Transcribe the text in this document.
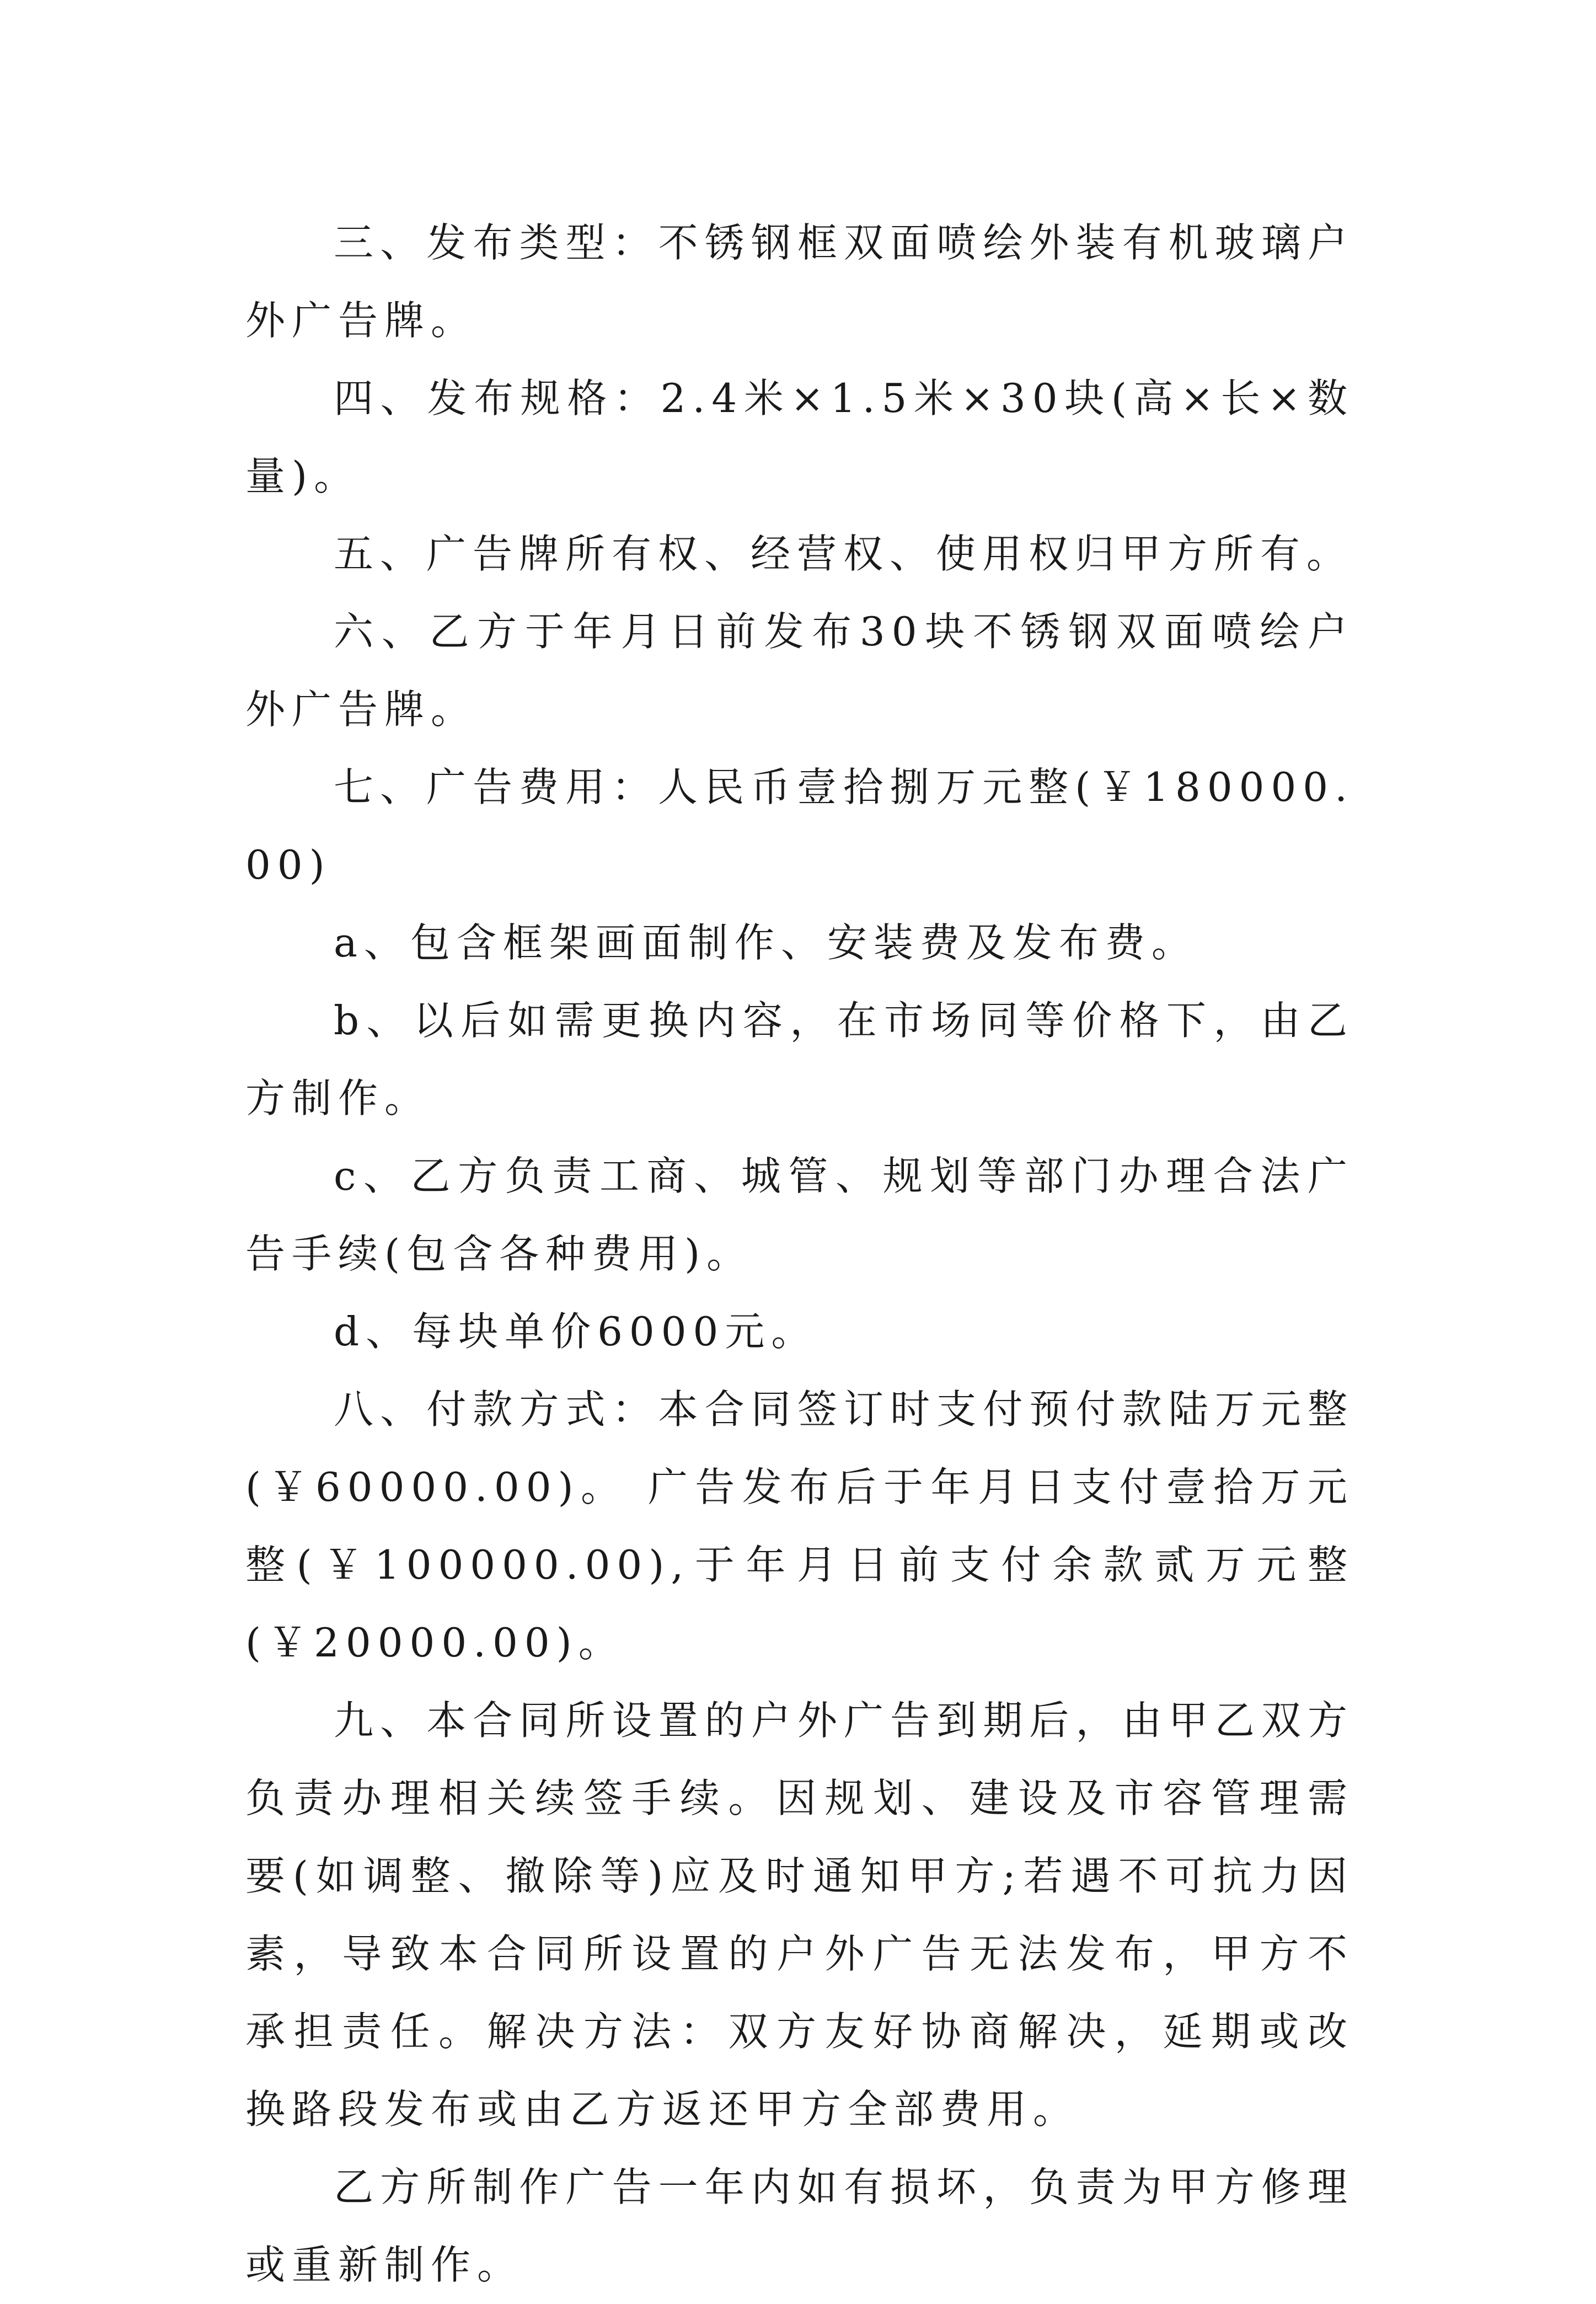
三、发布类型：不锈钢框双面喷绘外装有机玻璃户外广告牌。

四、发布规格：2.4米×1.5米×30块(高×长×数量)。

五、广告牌所有权、经营权、使用权归甲方所有。

六、乙方于年月日前发布30块不锈钢双面喷绘户外广告牌。

七、广告费用：人民币壹拾捌万元整(￥180000.00)

a、包含框架画面制作、安装费及发布费。

b、以后如需更换内容，在市场同等价格下，由乙方制作。

c、乙方负责工商、城管、规划等部门办理合法广告手续(包含各种费用)。

d、每块单价6000元。

八、付款方式：本合同签订时支付预付款陆万元整(￥60000.00)。 广告发布后于年月日支付壹拾万元整(￥100000.00),于年月日前支付余款贰万元整(￥20000.00)。

九、本合同所设置的户外广告到期后，由甲乙双方负责办理相关续签手续。因规划、建设及市容管理需要(如调整、撤除等)应及时通知甲方;若遇不可抗力因素，导致本合同所设置的户外广告无法发布，甲方不承担责任。解决方法：双方友好协商解决，延期或改换路段发布或由乙方返还甲方全部费用。

乙方所制作广告一年内如有损坏，负责为甲方修理或重新制作。
